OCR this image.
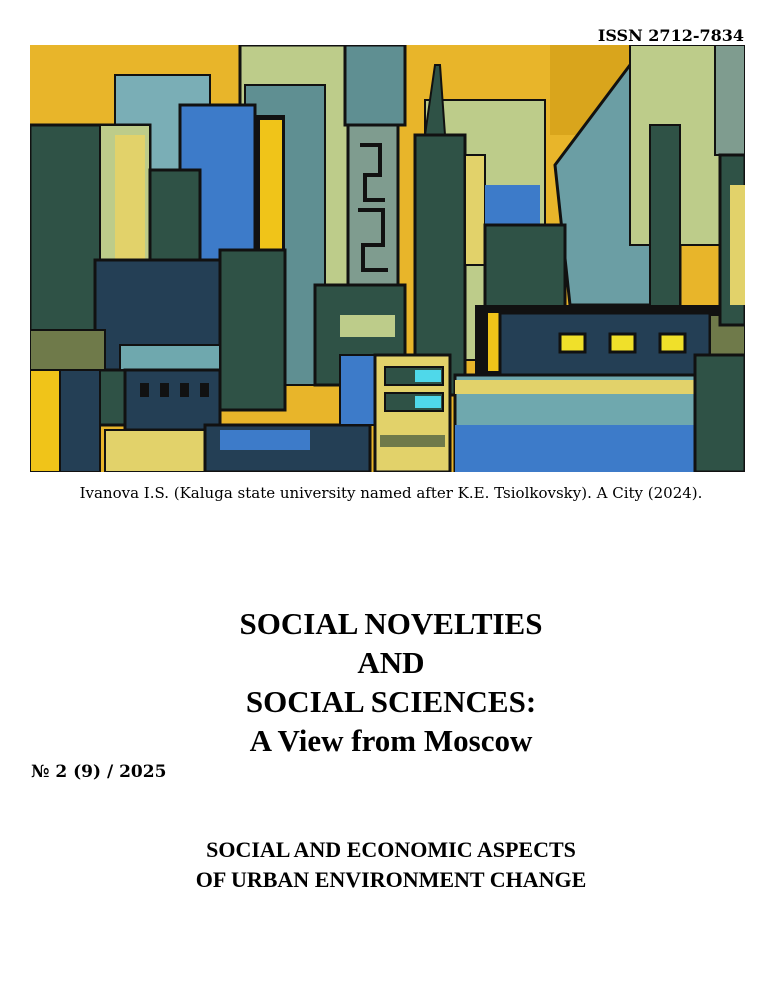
ISSN 2712-7834
Ivanova I.S. (Kaluga state university named after K.E. Tsiolkovsky). A City (2024).
SOCIAL NOVELTIES
AND
SOCIAL SCIENCES:
A View from Moscow
№ 2 (9) / 2025
SOCIAL AND ECONOMIC ASPECTS
OF URBAN ENVIRONMENT CHANGE
